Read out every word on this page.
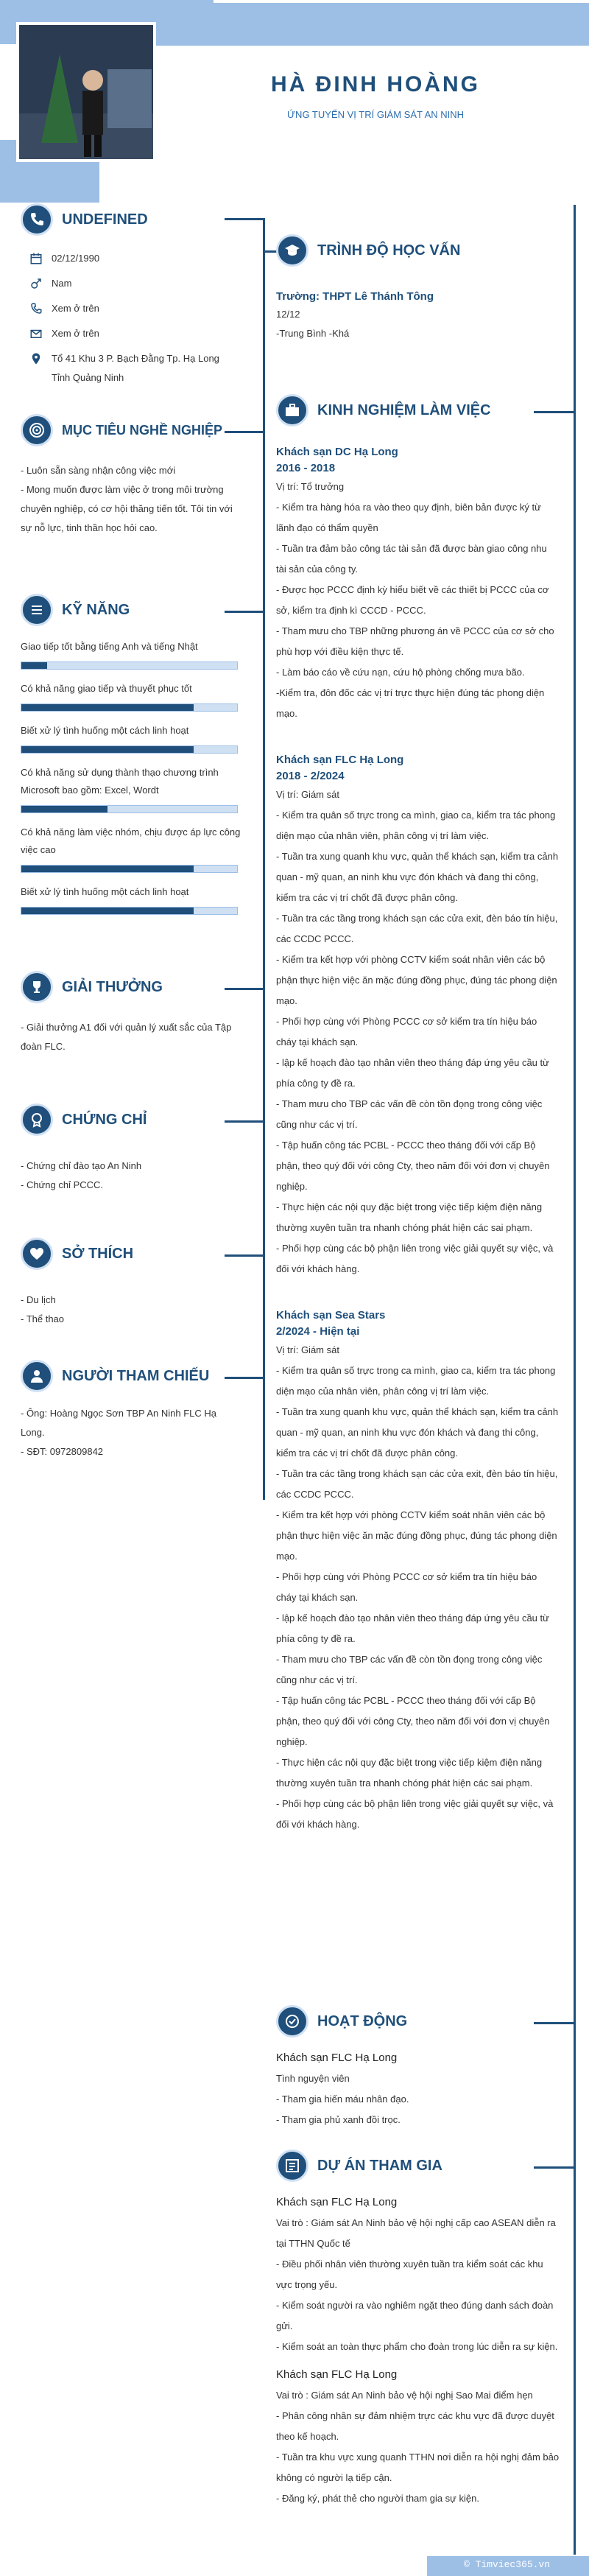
HÀ ĐINH HOÀNG
ỨNG TUYỂN VỊ TRÍ GIÁM SÁT AN NINH
UNDEFINED
02/12/1990
Nam
Xem ở trên
Xem ở trên
Tổ 41 Khu 3 P. Bạch Đằng Tp. Hạ Long Tỉnh Quảng Ninh
MỤC TIÊU NGHỀ NGHIỆP
- Luôn sẵn sàng nhận công việc mới
- Mong muốn được làm việc ở trong môi trường chuyên nghiệp, có cơ hội thăng tiến tốt. Tôi tin với sự nỗ lực, tinh thần học hỏi cao.
KỸ NĂNG
Giao tiếp tốt bằng tiếng Anh và tiếng Nhật
Có khả năng giao tiếp và thuyết phục tốt
Biết xử lý tình huống một cách linh hoạt
Có khả năng sử dụng thành thạo chương trình Microsoft bao gồm: Excel, Wordt
Có khả năng làm việc nhóm, chịu được áp lực công việc cao
Biết xử lý tình huống một cách linh hoạt
GIẢI THƯỞNG
- Giải thưởng A1 đối với quản lý xuất sắc của Tập đoàn FLC.
CHỨNG CHỈ
- Chứng chỉ đào tạo An Ninh
- Chứng chỉ PCCC.
SỞ THÍCH
- Du lịch
- Thể thao
NGƯỜI THAM CHIẾU
- Ông: Hoàng Ngọc Sơn TBP An Ninh FLC Hạ Long.
- SĐT: 0972809842
TRÌNH ĐỘ HỌC VẤN
Trường: THPT Lê Thánh Tông
12/12
-Trung Bình -Khá
KINH NGHIỆM LÀM VIỆC
Khách sạn DC Hạ Long
2016 - 2018
Vị trí: Tổ trưởng
- Kiểm tra hàng hóa ra vào theo quy định, biên bản được ký từ lãnh đạo có thẩm quyền
- Tuần tra đảm bảo công tác tài sản đã được bàn giao công nhu tài sản của công ty.
- Được học PCCC định kỳ hiểu biết về các thiết bị PCCC của cơ sở, kiểm tra định kì CCCD - PCCC.
- Tham mưu cho TBP những phương án về PCCC của cơ sở cho phù hợp với điều kiện thực tế.
- Làm báo cáo về cứu nạn, cứu hộ phòng chống mưa bão.
-Kiểm tra, đôn đốc các vị trí trực thực hiện đúng tác phong diện mạo.
Khách sạn FLC Hạ Long
2018 - 2/2024
Vị trí: Giám sát
- Kiểm tra quân số trực trong ca mình, giao ca, kiểm tra tác phong diện mạo của nhân viên, phân công vị trí làm việc.
- Tuần tra xung quanh khu vực, quản thể khách sạn, kiểm tra cảnh quan - mỹ quan, an ninh khu vực đón khách và đang thi công, kiểm tra các vị trí chốt đã được phân công.
- Tuần tra các tầng trong khách sạn các cửa exit, đèn báo tín hiệu, các CCDC PCCC.
- Kiểm tra kết hợp với phòng CCTV kiểm soát nhân viên các bộ phận thực hiện việc ăn mặc đúng đồng phục, đúng tác phong diện mạo.
- Phối hợp cùng với Phòng PCCC cơ sở kiểm tra tín hiệu báo cháy tại khách sạn.
- lập kế hoạch đào tạo nhân viên theo tháng đáp ứng yêu cầu từ phía công ty đề ra.
- Tham mưu cho TBP các vấn đề còn tồn đọng trong công việc cũng như các vị trí.
- Tập huấn công tác PCBL - PCCC theo tháng đối với cấp Bộ phận, theo quý đối với công Cty, theo năm đối với đơn vị chuyên nghiệp.
- Thực hiện các nội quy đặc biệt trong việc tiếp kiệm điện năng thường xuyên tuần tra nhanh chóng phát hiện các sai phạm.
- Phối hợp cùng các bộ phận liên trong việc giải quyết sự việc, và đối với khách hàng.
Khách sạn Sea Stars
2/2024 - Hiện tại
Vị trí: Giám sát
- Kiểm tra quân số trực trong ca mình, giao ca, kiểm tra tác phong diện mạo của nhân viên, phân công vị trí làm việc.
- Tuần tra xung quanh khu vực, quản thể khách sạn, kiểm tra cảnh quan - mỹ quan, an ninh khu vực đón khách và đang thi công, kiểm tra các vị trí chốt đã được phân công.
- Tuần tra các tầng trong khách sạn các cửa exit, đèn báo tín hiệu, các CCDC PCCC.
- Kiểm tra kết hợp với phòng CCTV kiểm soát nhân viên các bộ phận thực hiện việc ăn mặc đúng đồng phục, đúng tác phong diện mạo.
- Phối hợp cùng với Phòng PCCC cơ sở kiểm tra tín hiệu báo cháy tại khách sạn.
- lập kế hoạch đào tạo nhân viên theo tháng đáp ứng yêu cầu từ phía công ty đề ra.
- Tham mưu cho TBP các vấn đề còn tồn đọng trong công việc cũng như các vị trí.
- Tập huấn công tác PCBL - PCCC theo tháng đối với cấp Bộ phận, theo quý đối với công Cty, theo năm đối với đơn vị chuyên nghiệp.
- Thực hiện các nội quy đặc biệt trong việc tiếp kiệm điện năng thường xuyên tuần tra nhanh chóng phát hiện các sai phạm.
- Phối hợp cùng các bộ phận liên trong việc giải quyết sự việc, và đối với khách hàng.
HOẠT ĐỘNG
Khách sạn FLC Hạ Long
Tình nguyện viên
- Tham gia hiến máu nhân đạo.
- Tham gia phủ xanh đồi trọc.
DỰ ÁN THAM GIA
Khách sạn FLC Hạ Long
Vai trò : Giám sát An Ninh bảo vệ hội nghị cấp cao ASEAN diễn ra tại TTHN Quốc tế
- Điều phối nhân viên thường xuyên tuần tra kiểm soát các khu vực trọng yếu.
- Kiểm soát người ra vào nghiêm ngặt theo đúng danh sách đoàn gửi.
- Kiểm soát an toàn thực phẩm cho đoàn trong lúc diễn ra sự kiện.
Khách sạn FLC Hạ Long
Vai trò : Giám sát An Ninh bảo vệ hội nghị Sao Mai điểm hẹn
- Phân công nhân sự đảm nhiệm trực các khu vực đã được duyệt theo kế hoạch.
- Tuần tra khu vực xung quanh TTHN nơi diễn ra hội nghị đảm bảo không có người lạ tiếp cận.
- Đăng ký, phát thẻ cho người tham gia sự kiện.
© Timviec365.vn
